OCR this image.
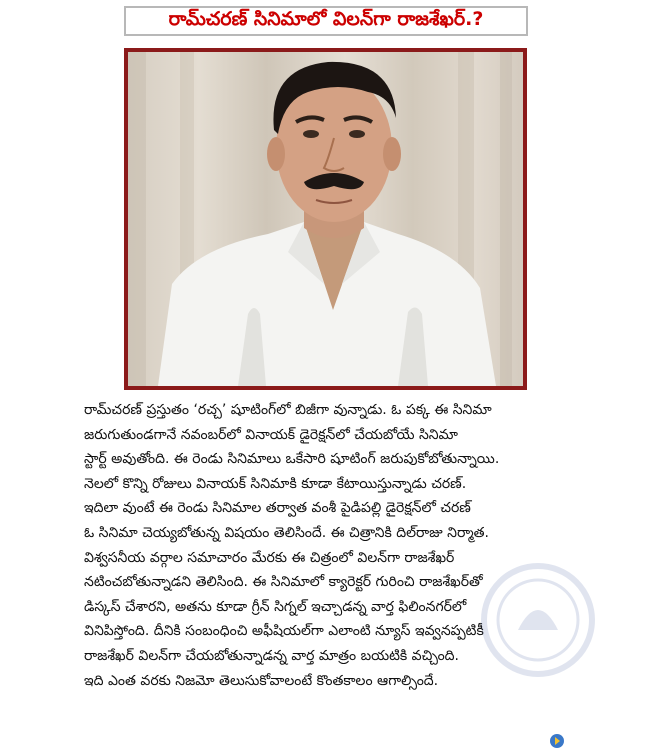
రామ్‌చరణ్ సినిమాలో విలన్‌గా రాజశేఖర్.?

రామ్‌చరణ్ ప్రస్తుతం ‘రచ్చ’ షూటింగ్‌లో బిజీగా వున్నాడు. ఓ పక్క ఈ సినిమా

జరుగుతుండగానే నవంబర్‌లో వినాయక్ డైరెక్షన్‌లో చేయబోయే సినిమా

స్టార్ట్ అవుతోంది. ఈ రెండు సినిమాలు ఒకేసారి షూటింగ్ జరుపుకోబోతున్నాయి.

నెలలో కొన్ని రోజులు వినాయక్ సినిమాకి కూడా కేటాయిస్తున్నాడు చరణ్.

ఇదిలా వుంటే ఈ రెండు సినిమాల తర్వాత వంశీ పైడిపల్లి డైరెక్షన్‌లో చరణ్

ఓ సినిమా చెయ్యబోతున్న విషయం తెలిసిందే. ఈ చిత్రానికి దిల్‌రాజు నిర్మాత.

విశ్వసనీయ వర్గాల సమాచారం మేరకు ఈ చిత్రంలో విలన్‌గా రాజశేఖర్

నటించబోతున్నాడని తెలిసింది. ఈ సినిమాలో క్యారెక్టర్ గురించి రాజశేఖర్‌తో

డిస్కస్ చేశారని, అతను కూడా గ్రీన్ సిగ్నల్ ఇచ్చాడన్న వార్త ఫిలింనగర్‌లో

వినిపిస్తోంది. దీనికి సంబంధించి అఫీషియల్‌గా ఎలాంటి న్యూస్ ఇవ్వనప్పటికీ

రాజశేఖర్ విలన్‌గా చేయబోతున్నాడన్న వార్త మాత్రం బయటికి వచ్చింది.

ఇది ఎంత వరకు నిజమో తెలుసుకోవాలంటే కొంతకాలం ఆగాల్సిందే.
